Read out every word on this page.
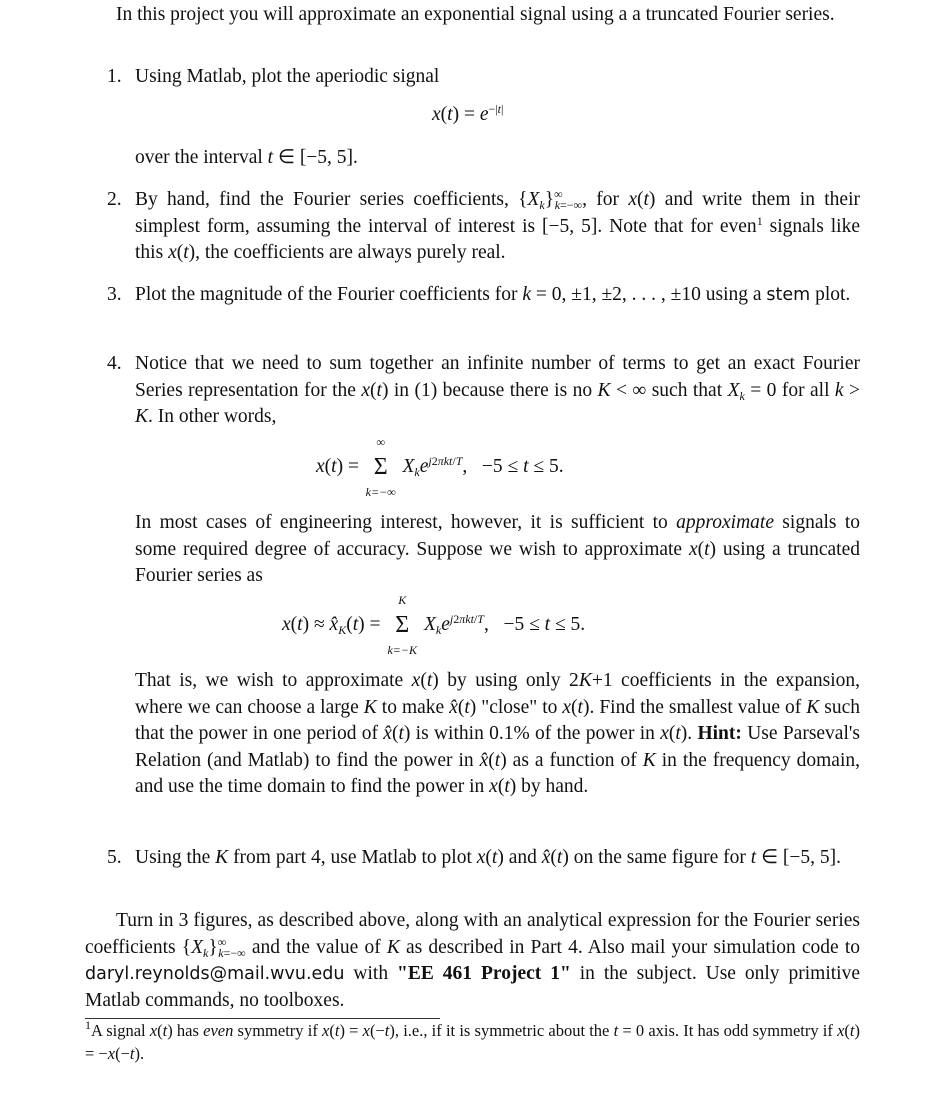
In this project you will approximate an exponential signal using a a truncated Fourier series.
1. Using Matlab, plot the aperiodic signal
$x(t) = e^{-|t|}$
over the interval t ∈ [−5, 5].
2. By hand, find the Fourier series coefficients, $\{X_k\}^\infty_{k=-\infty}$, for x(t) and write them in their simplest form, assuming the interval of interest is [−5, 5]. Note that for even$^1$ signals like this x(t), the coefficients are always purely real.
3. Plot the magnitude of the Fourier coefficients for k = 0, ±1, ±2, . . . , ±10 using a stem plot.
4. Notice that we need to sum together an infinite number of terms to get an exact Fourier Series representation for the x(t) in (1) because there is no K < ∞ such that $X_k = 0$ for all k > K. In other words,
x(t) =
∞
Σ
k=−∞
$X_ke^{j2\pi kt/T}$,   −5 ≤ t ≤ 5.
In most cases of engineering interest, however, it is sufficient to approximate signals to some required degree of accuracy. Suppose we wish to approximate x(t) using a truncated Fourier series as
$x(t) \approx x̂_K(t)$ =
K
Σ
k=−K
$X_ke^{j2\pi kt/T}$,   −5 ≤ t ≤ 5.
That is, we wish to approximate x(t) by using only 2K+1 coefficients in the expansion, where we can choose a large K to make x̂(t) "close" to x(t). Find the smallest value of K such that the power in one period of x̂(t) is within 0.1% of the power in x(t). Hint: Use Parseval's Relation (and Matlab) to find the power in x̂(t) as a function of K in the frequency domain, and use the time domain to find the power in x(t) by hand.
5. Using the K from part 4, use Matlab to plot x(t) and x̂(t) on the same figure for t ∈ [−5, 5].
Turn in 3 figures, as described above, along with an analytical expression for the Fourier series coefficients $\{X_k\}^\infty_{k=-\infty}$ and the value of K as described in Part 4. Also mail your simulation code to daryl.reynolds@mail.wvu.edu with "EE 461 Project 1" in the subject. Use only primitive Matlab commands, no toolboxes.
$^1$A signal x(t) has even symmetry if x(t) = x(−t), i.e., if it is symmetric about the t = 0 axis. It has odd symmetry if x(t) = −x(−t).
